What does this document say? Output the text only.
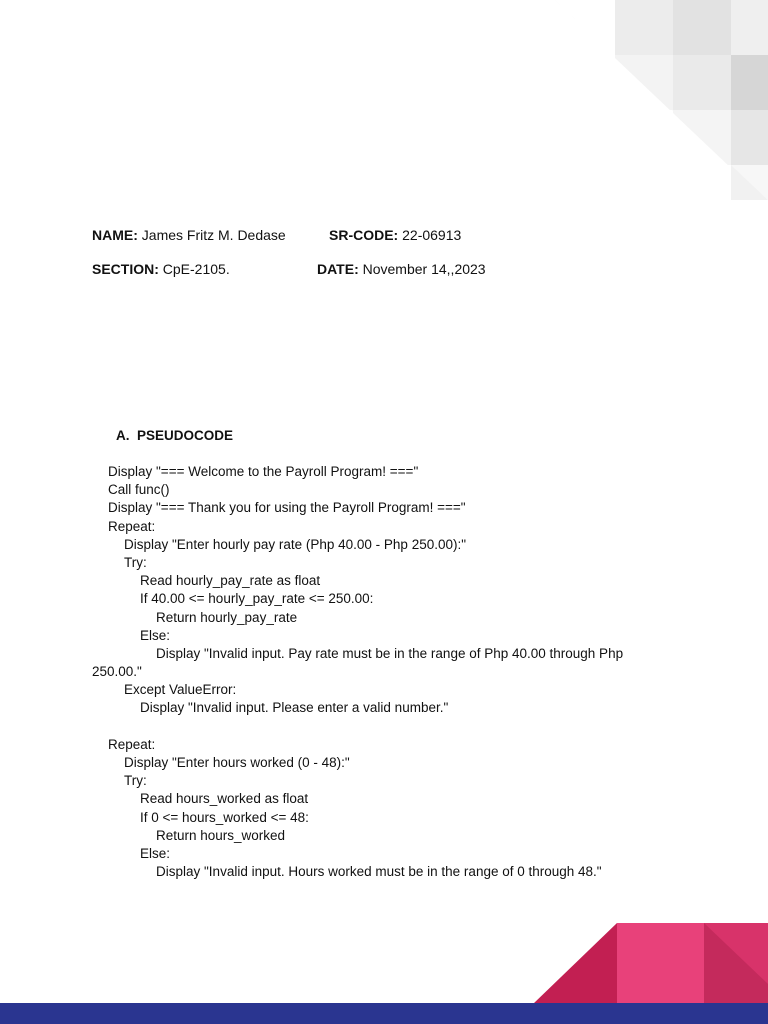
NAME: James Fritz M. Dedase	SR-CODE: 22-06913
SECTION: CpE-2105.	DATE: November 14,,2023
A. PSEUDOCODE
Display "=== Welcome to the Payroll Program! ==="
Call func()
Display "=== Thank you for using the Payroll Program! ==="
Repeat:
Display "Enter hourly pay rate (Php 40.00 - Php 250.00):"
Try:
Read hourly_pay_rate as float
If 40.00 <= hourly_pay_rate <= 250.00:
Return hourly_pay_rate
Else:
Display "Invalid input. Pay rate must be in the range of Php 40.00 through Php
250.00."
Except ValueError:
Display "Invalid input. Please enter a valid number."
Repeat:
Display "Enter hours worked (0 - 48):"
Try:
Read hours_worked as float
If 0 <= hours_worked <= 48:
Return hours_worked
Else:
Display "Invalid input. Hours worked must be in the range of 0 through 48."
